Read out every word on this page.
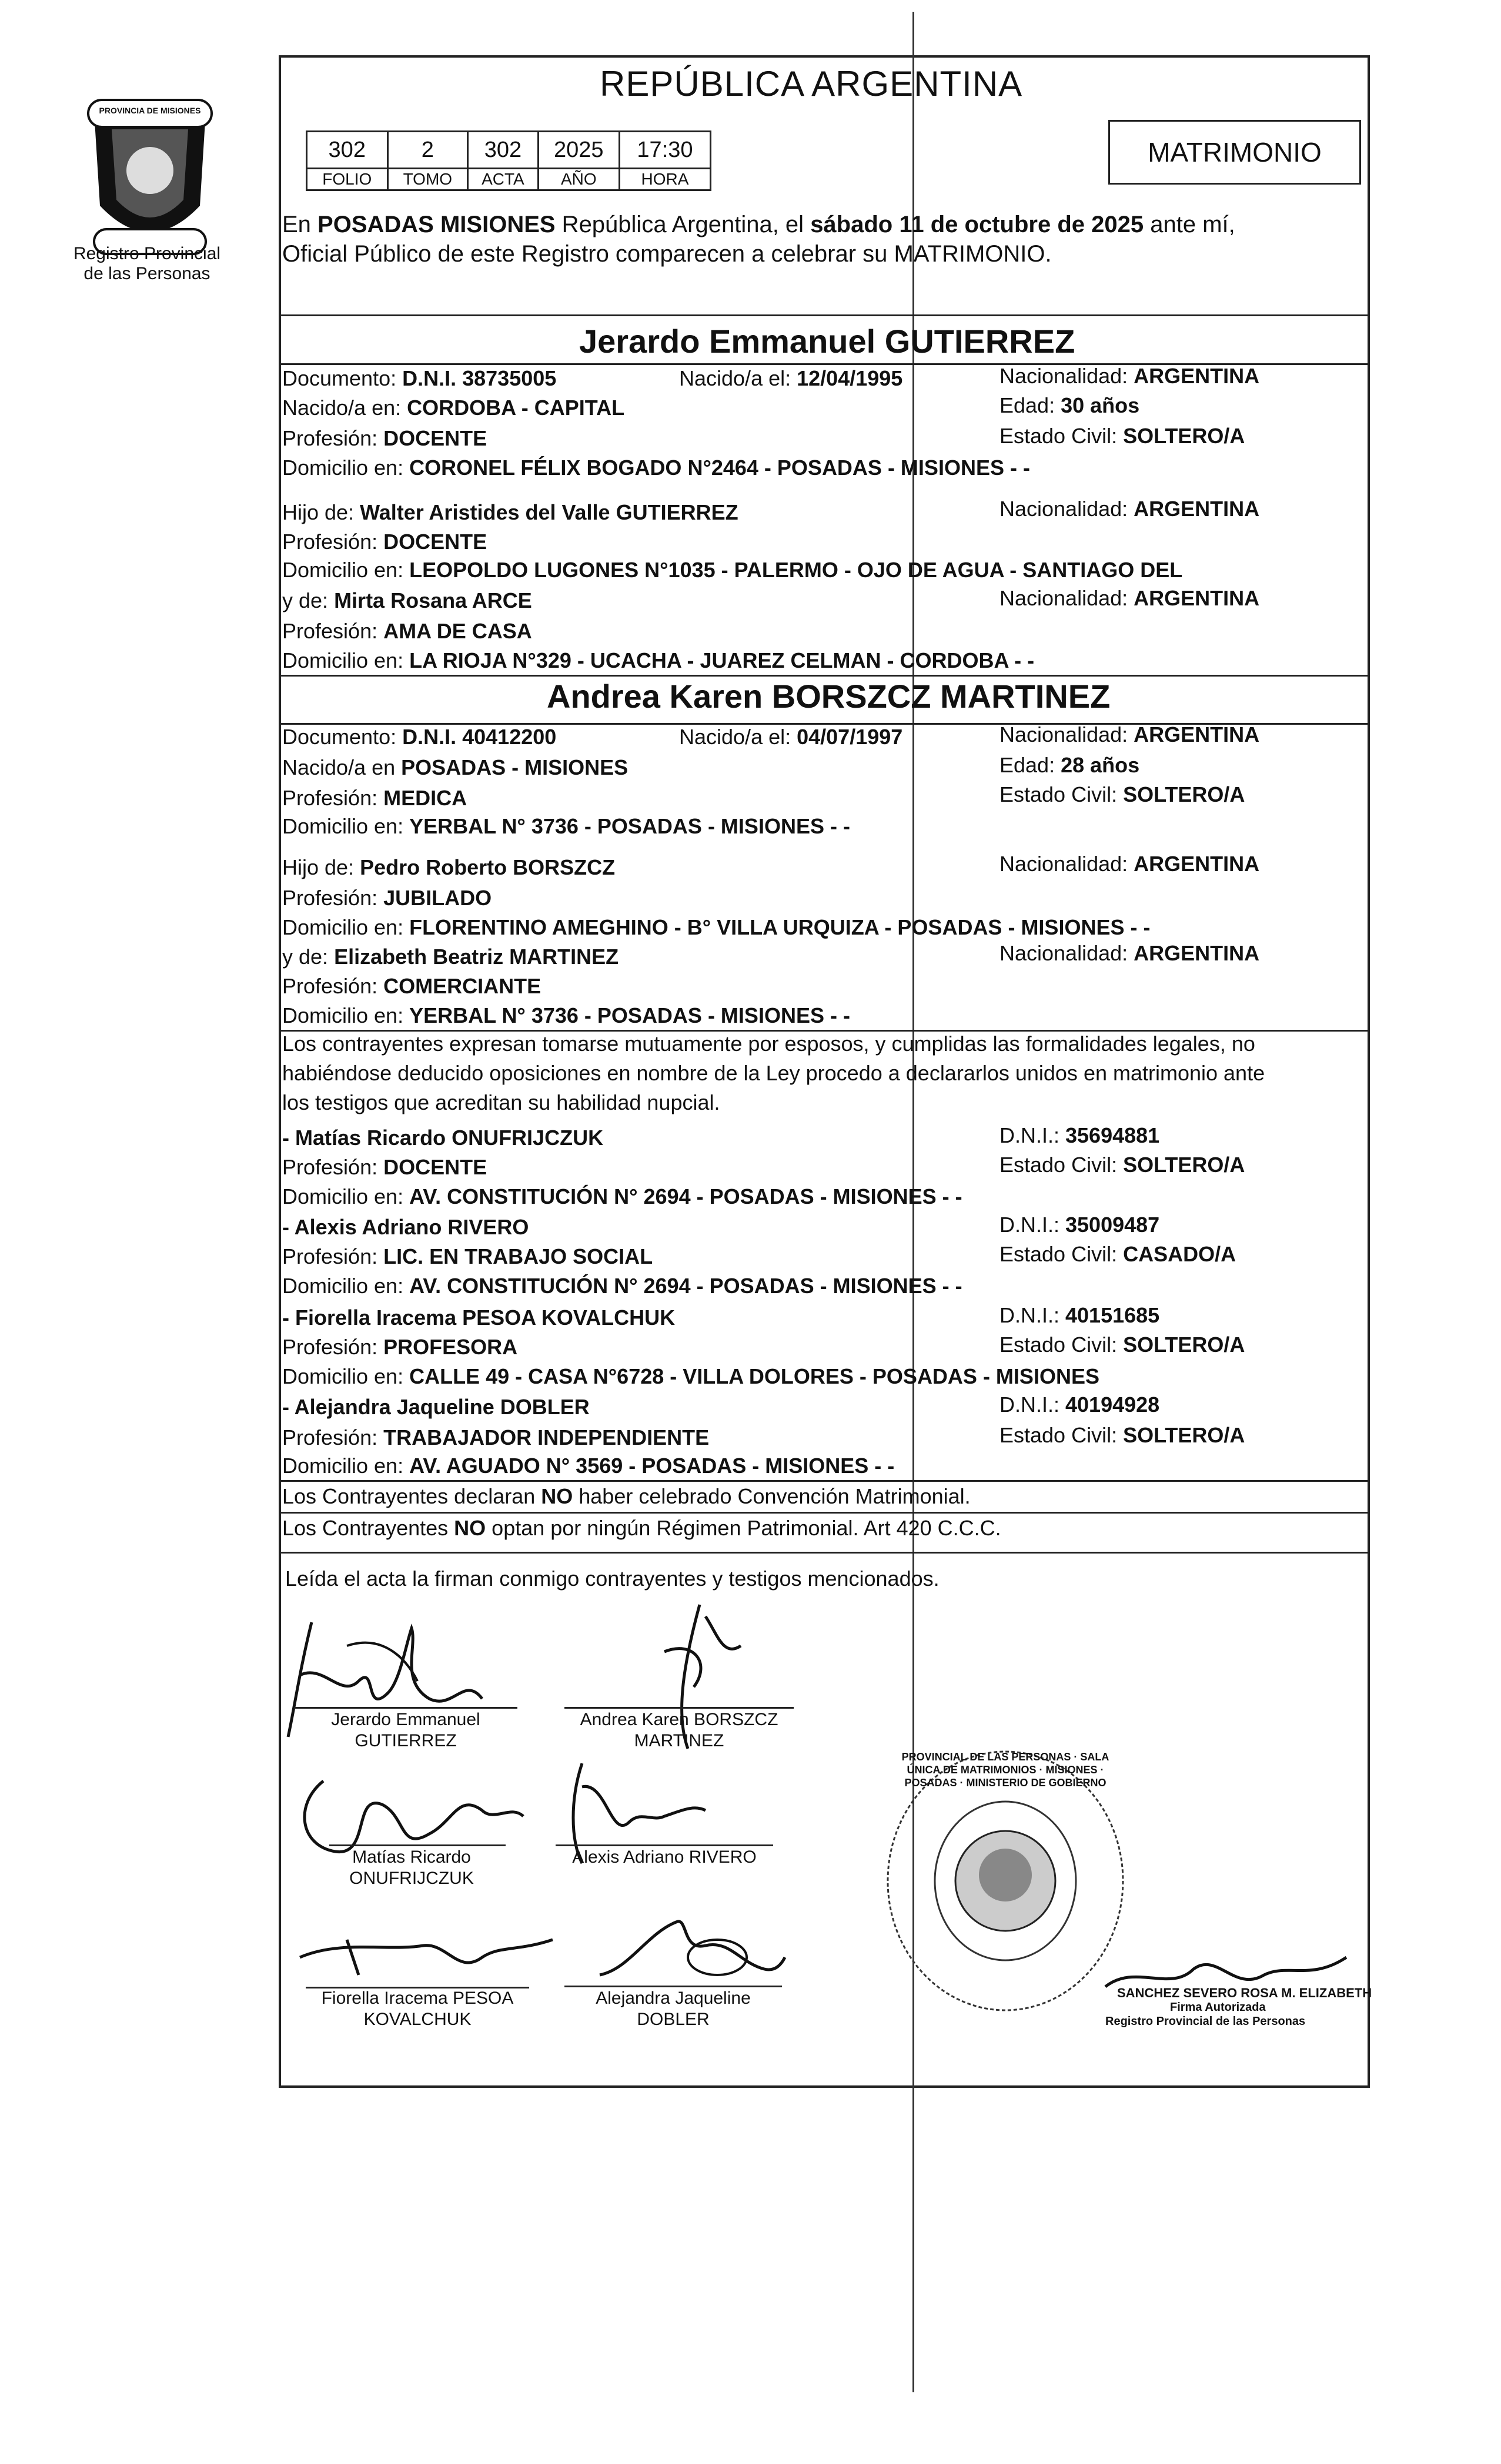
PROVINCIA DE MISIONES
Registro Provincial
de las Personas
REPÚBLICA ARGENTINA
302	2	302	2025	17:30
FOLIO	TOMO	ACTA	AÑO	HORA
MATRIMONIO
En POSADAS MISIONES República Argentina, el sábado 11 de octubre de 2025 ante mí,
Oficial Público de este Registro comparecen a celebrar su MATRIMONIO.
Jerardo Emmanuel GUTIERREZ
Documento: D.N.I. 38735005	Nacido/a el: 12/04/1995	Nacionalidad: ARGENTINA
Nacido/a en: CORDOBA - CAPITAL	Edad: 30 años
Profesión: DOCENTE	Estado Civil: SOLTERO/A
Domicilio en: CORONEL FÉLIX BOGADO N°2464 - POSADAS - MISIONES - -
Hijo de: Walter Aristides del Valle GUTIERREZ	Nacionalidad: ARGENTINA
Profesión: DOCENTE
Domicilio en: LEOPOLDO LUGONES N°1035 - PALERMO - OJO DE AGUA - SANTIAGO DEL
y de: Mirta Rosana ARCE	Nacionalidad: ARGENTINA
Profesión: AMA DE CASA
Domicilio en: LA RIOJA N°329 - UCACHA - JUAREZ CELMAN - CORDOBA - -
Andrea Karen BORSZCZ MARTINEZ
Documento: D.N.I. 40412200	Nacido/a el: 04/07/1997	Nacionalidad: ARGENTINA
Nacido/a en POSADAS - MISIONES	Edad: 28 años
Profesión: MEDICA	Estado Civil: SOLTERO/A
Domicilio en: YERBAL N° 3736 - POSADAS - MISIONES - -
Hijo de: Pedro Roberto BORSZCZ	Nacionalidad: ARGENTINA
Profesión: JUBILADO
Domicilio en: FLORENTINO AMEGHINO - B° VILLA URQUIZA - POSADAS - MISIONES - -
y de: Elizabeth Beatriz MARTINEZ	Nacionalidad: ARGENTINA
Profesión: COMERCIANTE
Domicilio en: YERBAL N° 3736 - POSADAS - MISIONES - -
Los contrayentes expresan tomarse mutuamente por esposos, y cumplidas las formalidades legales, no
habiéndose deducido oposiciones en nombre de la Ley procedo a declararlos unidos en matrimonio ante
los testigos que acreditan su habilidad nupcial.
- Matías Ricardo ONUFRIJCZUK	D.N.I.: 35694881
Profesión: DOCENTE	Estado Civil: SOLTERO/A
Domicilio en: AV. CONSTITUCIÓN N° 2694 - POSADAS - MISIONES - -
- Alexis Adriano RIVERO	D.N.I.: 35009487
Profesión: LIC. EN TRABAJO SOCIAL	Estado Civil: CASADO/A
Domicilio en: AV. CONSTITUCIÓN N° 2694 - POSADAS - MISIONES - -
- Fiorella Iracema PESOA KOVALCHUK	D.N.I.: 40151685
Profesión: PROFESORA	Estado Civil: SOLTERO/A
Domicilio en: CALLE 49 - CASA N°6728 - VILLA DOLORES - POSADAS - MISIONES
- Alejandra Jaqueline DOBLER	D.N.I.: 40194928
Profesión: TRABAJADOR INDEPENDIENTE	Estado Civil: SOLTERO/A
Domicilio en: AV. AGUADO N° 3569 - POSADAS - MISIONES - -
Los Contrayentes declaran NO haber celebrado Convención Matrimonial.
Los Contrayentes NO optan por ningún Régimen Patrimonial. Art 420 C.C.C.
Leída el acta la firman conmigo contrayentes y testigos mencionados.
Jerardo Emmanuel
GUTIERREZ
Andrea Karen BORSZCZ
MARTINEZ
Matías Ricardo
ONUFRIJCZUK
Alexis Adriano RIVERO
Fiorella Iracema PESOA
KOVALCHUK
Alejandra Jaqueline
DOBLER
PROVINCIAL DE LAS PERSONAS · SALA ÚNICA DE MATRIMONIOS · MISIONES · POSADAS · MINISTERIO DE GOBIERNO
SANCHEZ SEVERO ROSA M. ELIZABETH
Firma Autorizada
Registro Provincial de las Personas
